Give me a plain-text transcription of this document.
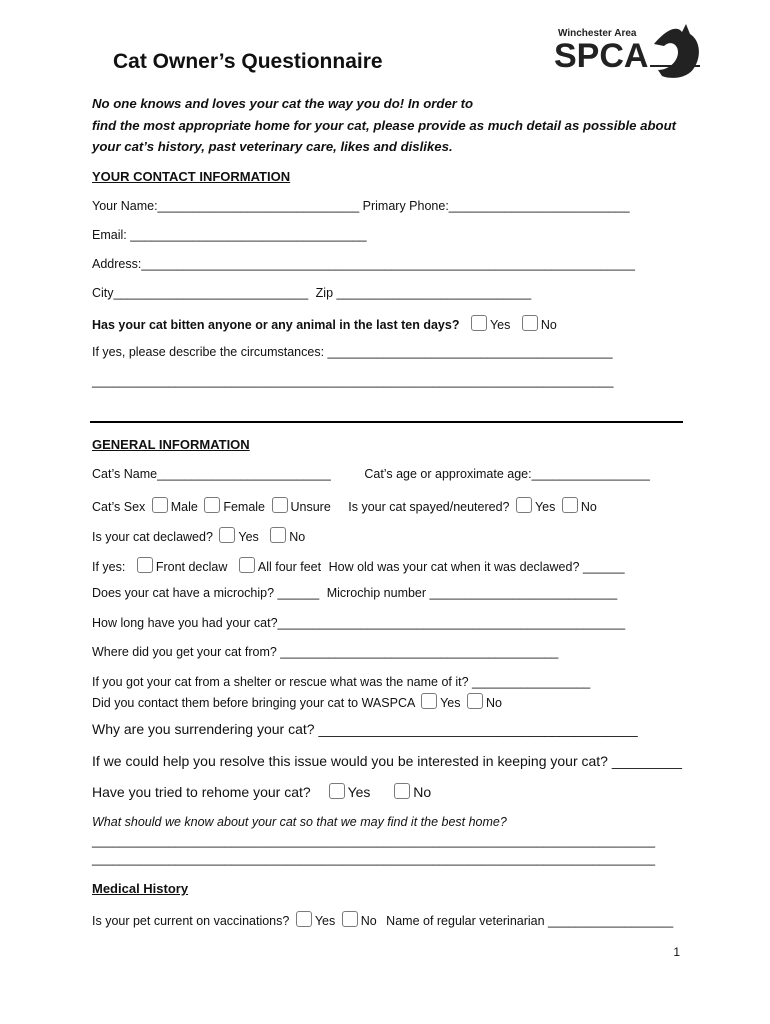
Winchester Area
SPCA
Cat Owner’s Questionnaire
No one knows and loves your cat the way you do! In order to
find the most appropriate home for your cat, please provide as much detail as possible about
your cat’s history, past veterinary care, likes and dislikes.
YOUR CONTACT INFORMATION
Your Name:_____________________________ Primary Phone:__________________________
Email: __________________________________
Address:_______________________________________________________________________
City____________________________ Zip ____________________________
Has your cat bitten anyone or any animal in the last ten days? Yes No
If yes, please describe the circumstances: _________________________________________
___________________________________________________________________________
GENERAL INFORMATION
Cat’s Name_________________________	Cat’s age or approximate age:_________________
Cat’s Sex Male Female Unsure Is your cat spayed/neutered? Yes No
Is your cat declawed? Yes No
If yes: Front declaw All four feet How old was your cat when it was declawed? ______
Does your cat have a microchip? ______ Microchip number ___________________________
How long have you had your cat?__________________________________________________
Where did you get your cat from? ________________________________________
If you got your cat from a shelter or rescue what was the name of it? _________________
Did you contact them before bringing your cat to WASPCA Yes No
Why are you surrendering your cat? _________________________________________
If we could help you resolve this issue would you be interested in keeping your cat? _________
Have you tried to rehome your cat?	Yes	No
What should we know about your cat so that we may find it the best home?
_________________________________________________________________________________
_________________________________________________________________________________
Medical History
Is your pet current on vaccinations? Yes No Name of regular veterinarian __________________
1
